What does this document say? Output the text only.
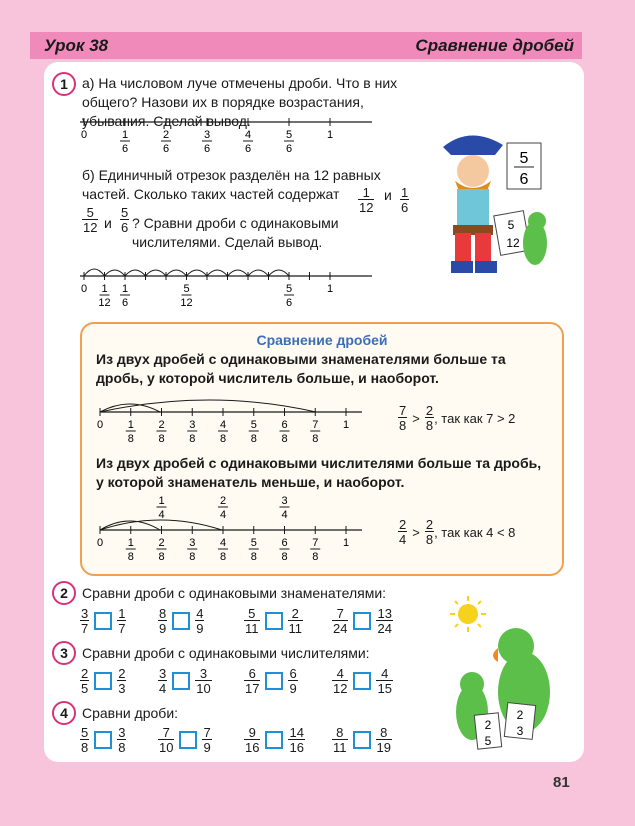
Урок 38	Сравнение дробей
1	а) На числовом луче отмечены дроби. Что в них общего? Назови их в порядке возрастания, убывания. Сделай вывод.
0	1
6
2
6
3
6
4
6
5
6
1
б) Единичный отрезок разделён на 12 равных частей. Сколько таких частей содержат	$\frac{1}{12}$ и $\frac{1}{6}$
$\frac{5}{12}$ и $\frac{5}{6}$ ? Сравни дроби с одинаковыми числителями. Сделай вывод.
0 1
12
1
6
5
12
5
6
1
5
6
5
12
Сравнение дробей
Из двух дробей с одинаковыми знаменателями больше та дробь, у которой числитель больше, и наоборот.
0 1
8
2
8
3
8
4
8
5
8
6
8
7
8
1	$\frac{7}{8} > \frac{2}{8}$ , так как 7 > 2
Из двух дробей с одинаковыми числителями больше та дробь, у которой знаменатель меньше, и наоборот.
0 1
8
2
8
3
8
4
8
5
8
6
8
7
8
1
1
4
2
4
3
4
$\frac{2}{4} > \frac{2}{8}$ , так как 4 < 8
2	Сравни дроби с одинаковыми знаменателями:
$\frac{3}{7} \frac{1}{7} \frac{8}{9} \frac{4}{9}$	$\frac{5}{11} \frac{2}{11} \frac{7}{24} \frac{13}{24}$
3	Сравни дроби с одинаковыми числителями:
$\frac{2}{5} \frac{2}{3} \frac{3}{4} \frac{3}{10} \frac{6}{17} \frac{6}{9}$	$\frac{4}{12} \frac{4}{15}$
4	Сравни дроби:
$\frac{5}{8} \frac{3}{8} \frac{7}{10} \frac{7}{9} \frac{9}{16} \frac{14}{16} \frac{8}{11} \frac{8}{19}$
2
5
2
3
81
